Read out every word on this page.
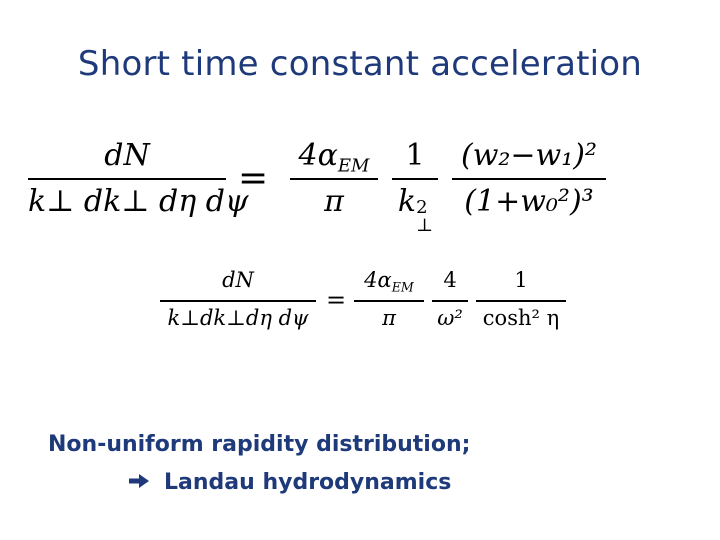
Short time constant acceleration
dN
k⊥ dk⊥ dη dψ
=
$4\alpha_{EM}$
π
1
k 2
⊥
(w₂−w₁)²
(1+w₀²)³
dN
k⊥dk⊥dη dψ
=
$4\alpha_{EM}$
π
4
ω²
1
cosh² η
Non-uniform rapidity distribution;
Landau hydrodynamics
